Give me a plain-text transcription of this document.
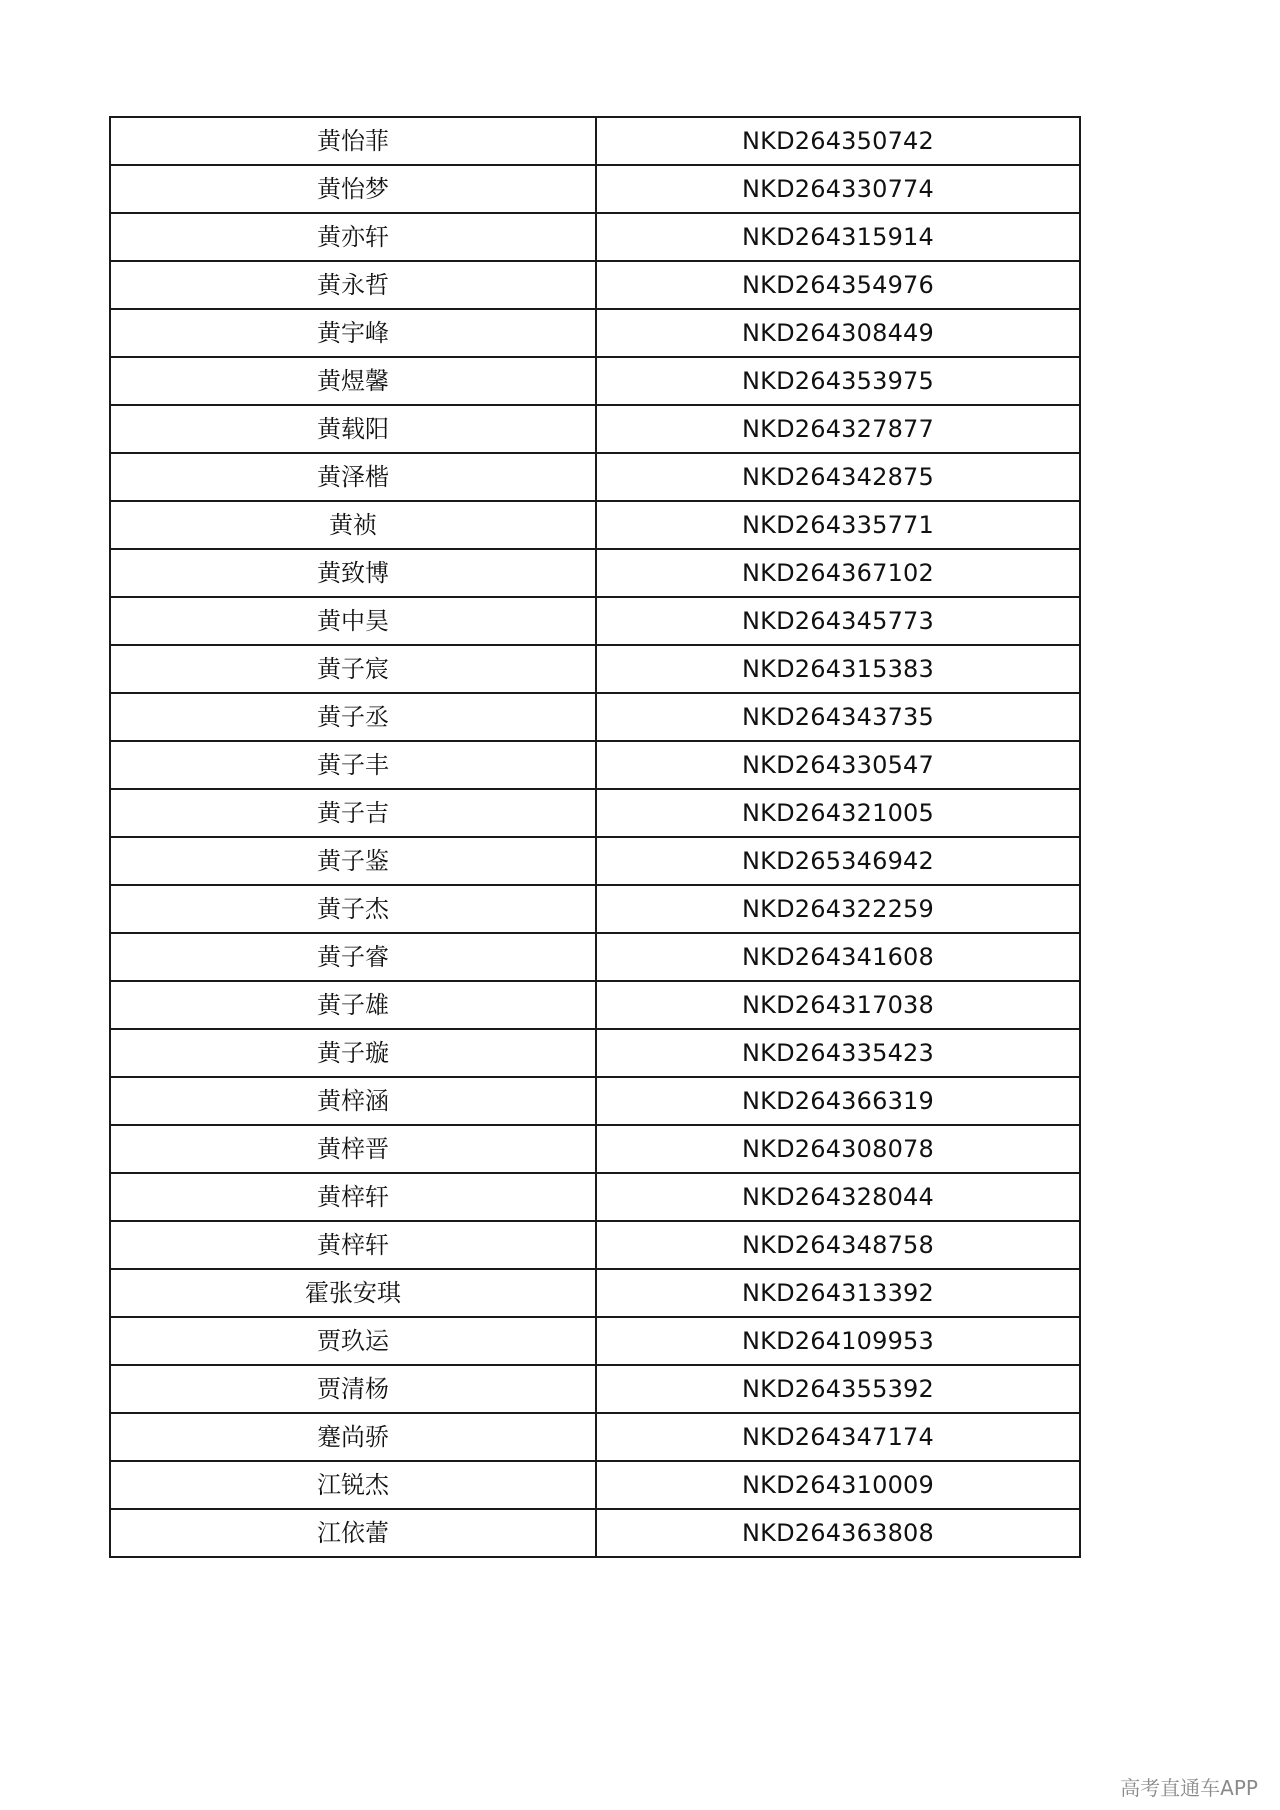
黄怡菲	NKD264350742
黄怡梦	NKD264330774
黄亦轩	NKD264315914
黄永哲	NKD264354976
黄宇峰	NKD264308449
黄煜馨	NKD264353975
黄载阳	NKD264327877
黄泽楷	NKD264342875
黄祯	NKD264335771
黄致博	NKD264367102
黄中昊	NKD264345773
黄子宸	NKD264315383
黄子丞	NKD264343735
黄子丰	NKD264330547
黄子吉	NKD264321005
黄子鉴	NKD265346942
黄子杰	NKD264322259
黄子睿	NKD264341608
黄子雄	NKD264317038
黄子璇	NKD264335423
黄梓涵	NKD264366319
黄梓晋	NKD264308078
黄梓轩	NKD264328044
黄梓轩	NKD264348758
霍张安琪	NKD264313392
贾玖运	NKD264109953
贾清杨	NKD264355392
蹇尚骄	NKD264347174
江锐杰	NKD264310009
江依蕾	NKD264363808
高考直通车APP
